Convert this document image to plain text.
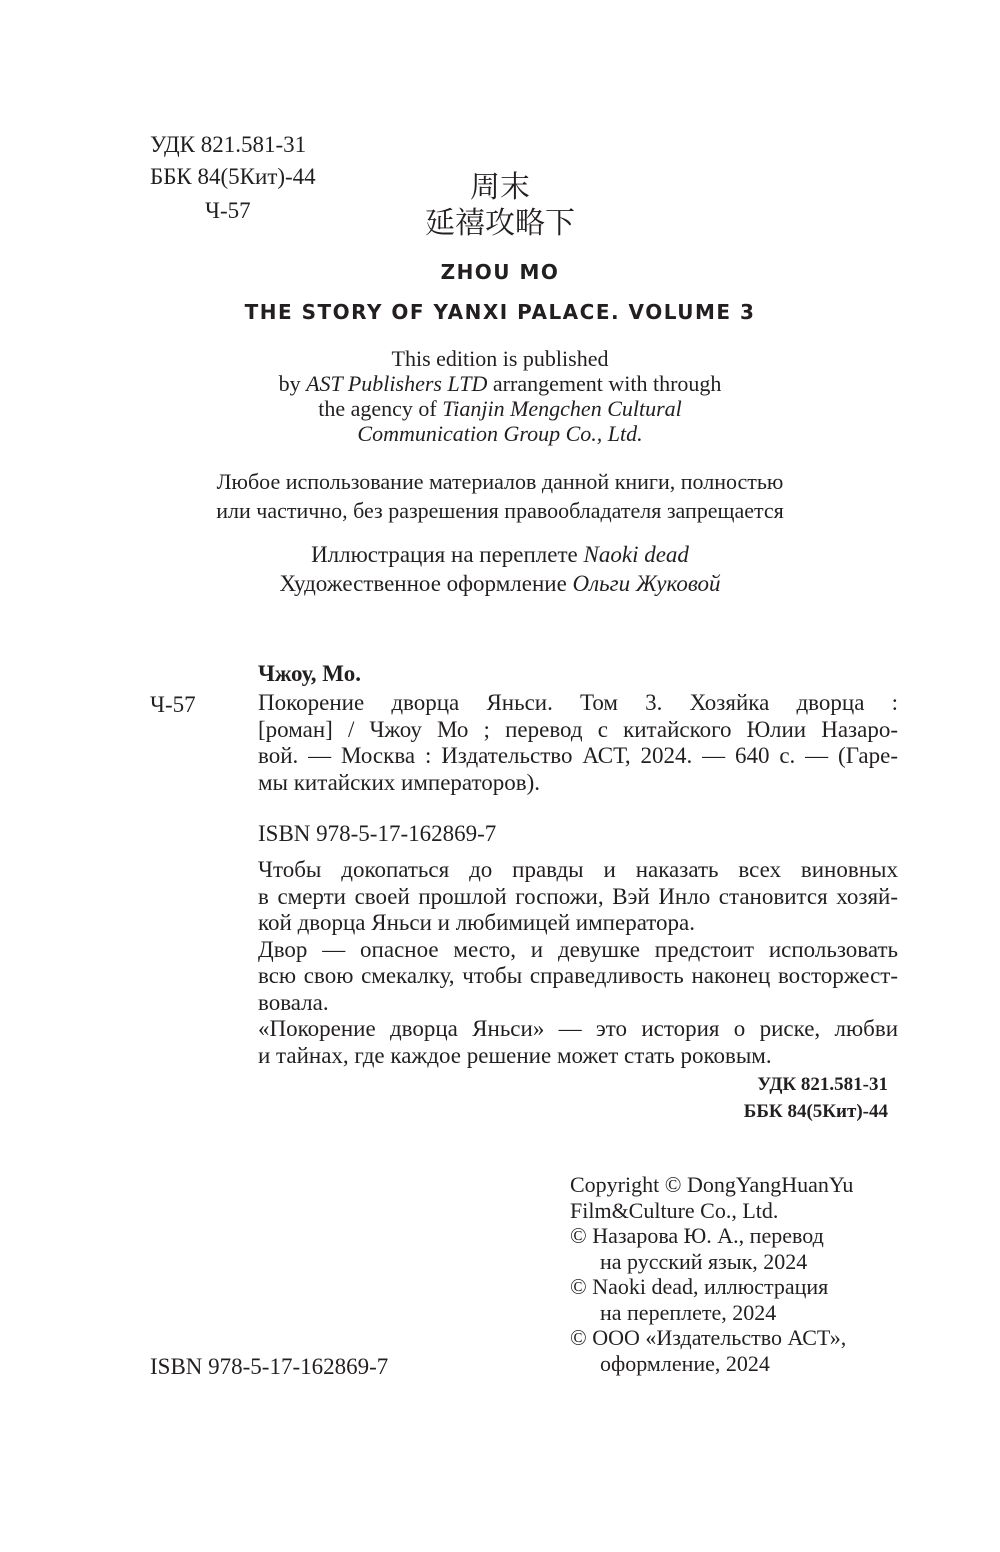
УДК 821.581-31
ББК 84(5Кит)-44
Ч-57
周末
延禧攻略下
ZHOU MO
THE STORY OF YANXI PALACE. VOLUME 3
This edition is published
by AST Publishers LTD arrangement with through
the agency of Tianjin Mengchen Cultural
Communication Group Co., Ltd.
Любое использование материалов данной книги, полностью
или частично, без разрешения правообладателя запрещается
Иллюстрация на переплете Naoki dead
Художественное оформление Ольги Жуковой
Чжоу, Мо.
Ч-57	Покорение дворца Яньси. Том 3. Хозяйка дворца :
[роман] / Чжоу Мо ; перевод с китайского Юлии Назаро-
вой. — Москва : Издательство АСТ, 2024. — 640 с. — (Гаре-
мы китайских императоров).
ISBN 978-5-17-162869-7
Чтобы докопаться до правды и наказать всех виновных
в смерти своей прошлой госпожи, Вэй Инло становится хозяй-
кой дворца Яньси и любимицей императора.
Двор — опасное место, и девушке предстоит использовать
всю свою смекалку, чтобы справедливость наконец восторжест-
вовала.
«Покорение дворца Яньси» — это история о риске, любви
и тайнах, где каждое решение может стать роковым.
УДК 821.581-31
ББК 84(5Кит)-44
Copyright © DongYangHuanYu
Film&Culture Co., Ltd.
© Назарова Ю. А., перевод
на русский язык, 2024
© Naoki dead, иллюстрация
на переплете, 2024
© ООО «Издательство АСТ»,
оформление, 2024
ISBN 978-5-17-162869-7
